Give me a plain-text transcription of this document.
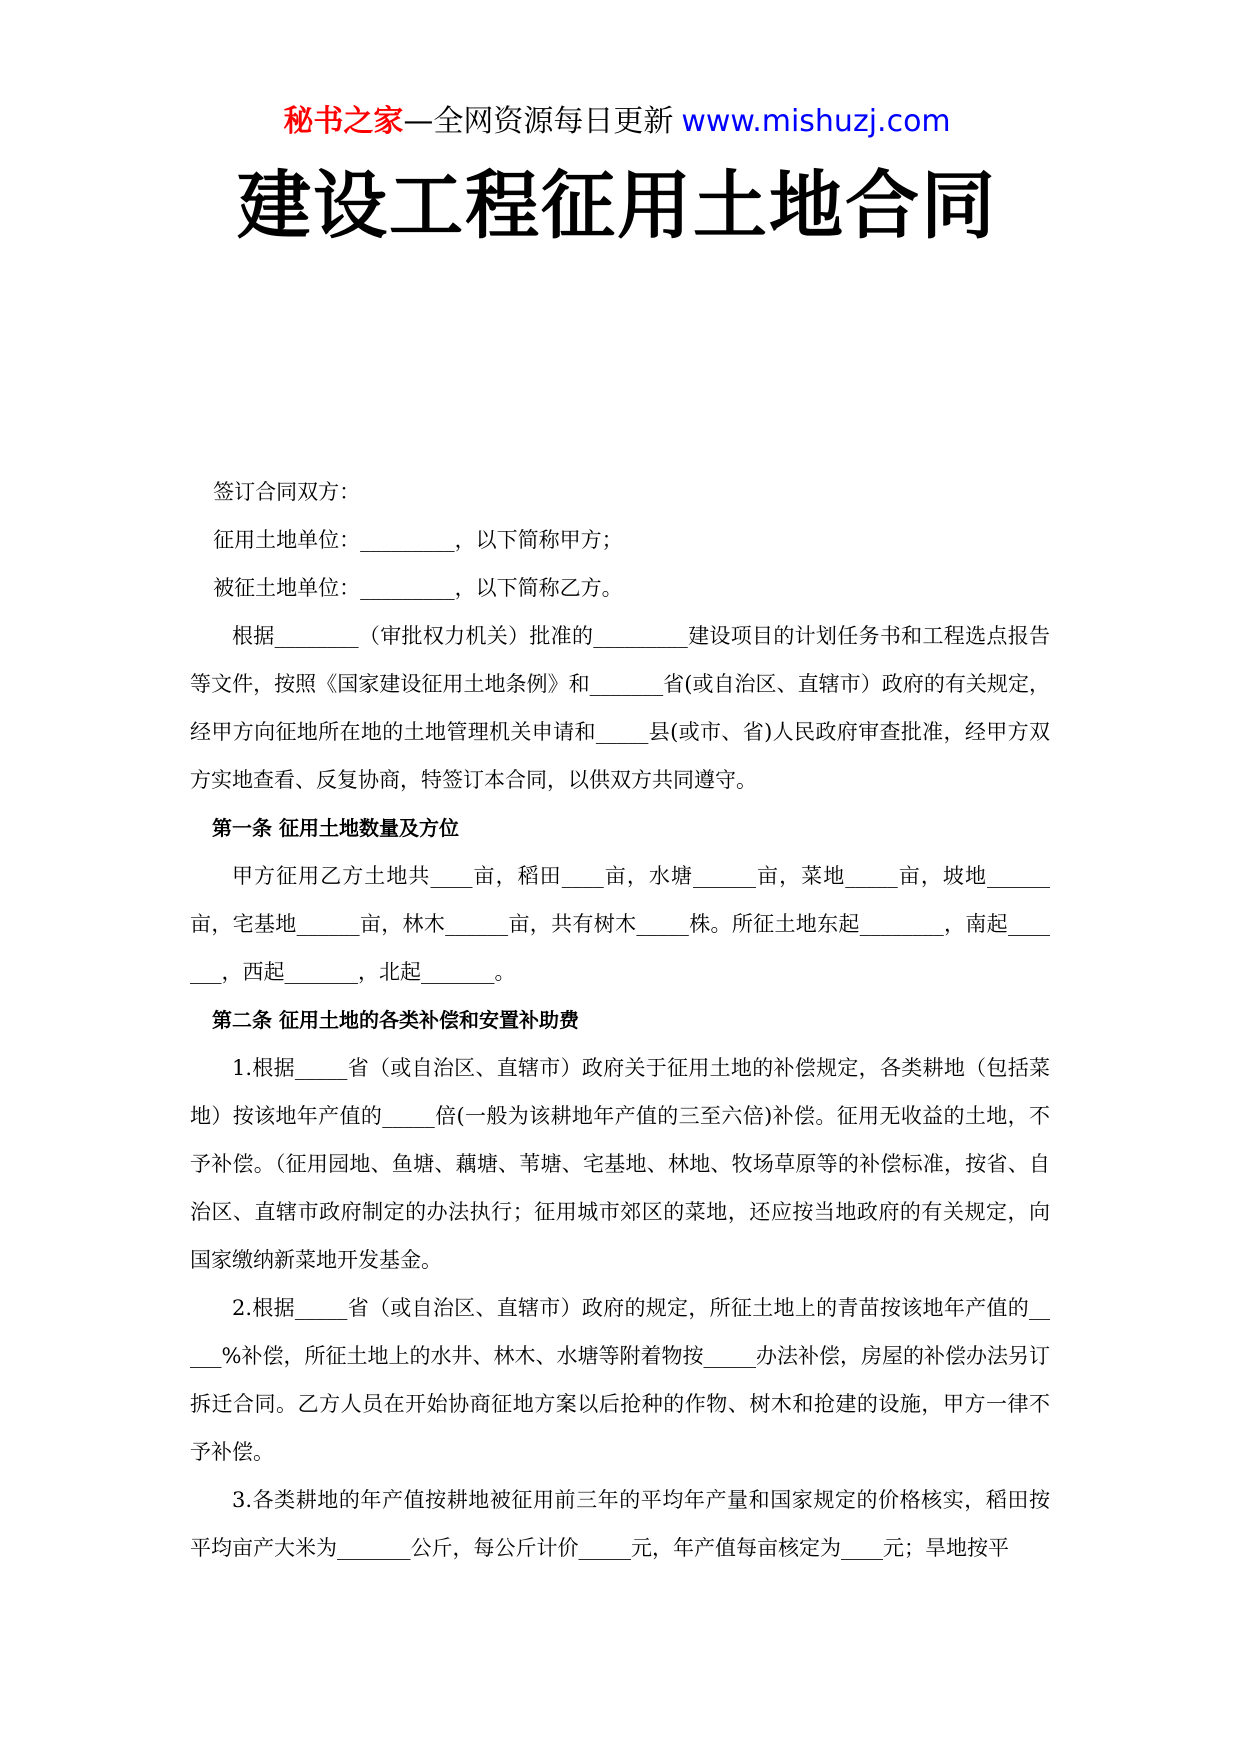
秘书之家—全网资源每日更新 www.mishuzj.com
建设工程征用土地合同

签订合同双方：

征用土地单位：_________，以下简称甲方；

被征土地单位：_________，以下简称乙方。

根据________（审批权力机关）批准的_________建设项目的计划任务书和工程选点报告等文件，按照《国家建设征用土地条例》和_______省(或自治区、直辖市）政府的有关规定，经甲方向征地所在地的土地管理机关申请和_____县(或市、省)人民政府审查批准，经甲方双方实地查看、反复协商，特签订本合同，以供双方共同遵守。

第一条 征用土地数量及方位

甲方征用乙方土地共____亩，稻田____亩，水塘______亩，菜地_____亩，坡地______亩，宅基地______亩，林木______亩，共有树木_____株。所征土地东起________，南起_______，西起_______，北起_______。

第二条 征用土地的各类补偿和安置补助费

1.根据_____省（或自治区、直辖市）政府关于征用土地的补偿规定，各类耕地（包括菜地）按该地年产值的_____倍(一般为该耕地年产值的三至六倍)补偿。征用无收益的土地，不予补偿。（征用园地、鱼塘、藕塘、苇塘、宅基地、林地、牧场草原等的补偿标准，按省、自治区、直辖市政府制定的办法执行；征用城市郊区的菜地，还应按当地政府的有关规定，向国家缴纳新菜地开发基金。

2.根据_____省（或自治区、直辖市）政府的规定，所征土地上的青苗按该地年产值的_____%补偿，所征土地上的水井、林木、水塘等附着物按_____办法补偿，房屋的补偿办法另订拆迁合同。乙方人员在开始协商征地方案以后抢种的作物、树木和抢建的设施，甲方一律不予补偿。

3.各类耕地的年产值按耕地被征用前三年的平均年产量和国家规定的价格核实，稻田按平均亩产大米为_______公斤，每公斤计价_____元，年产值每亩核定为____元；旱地按平
